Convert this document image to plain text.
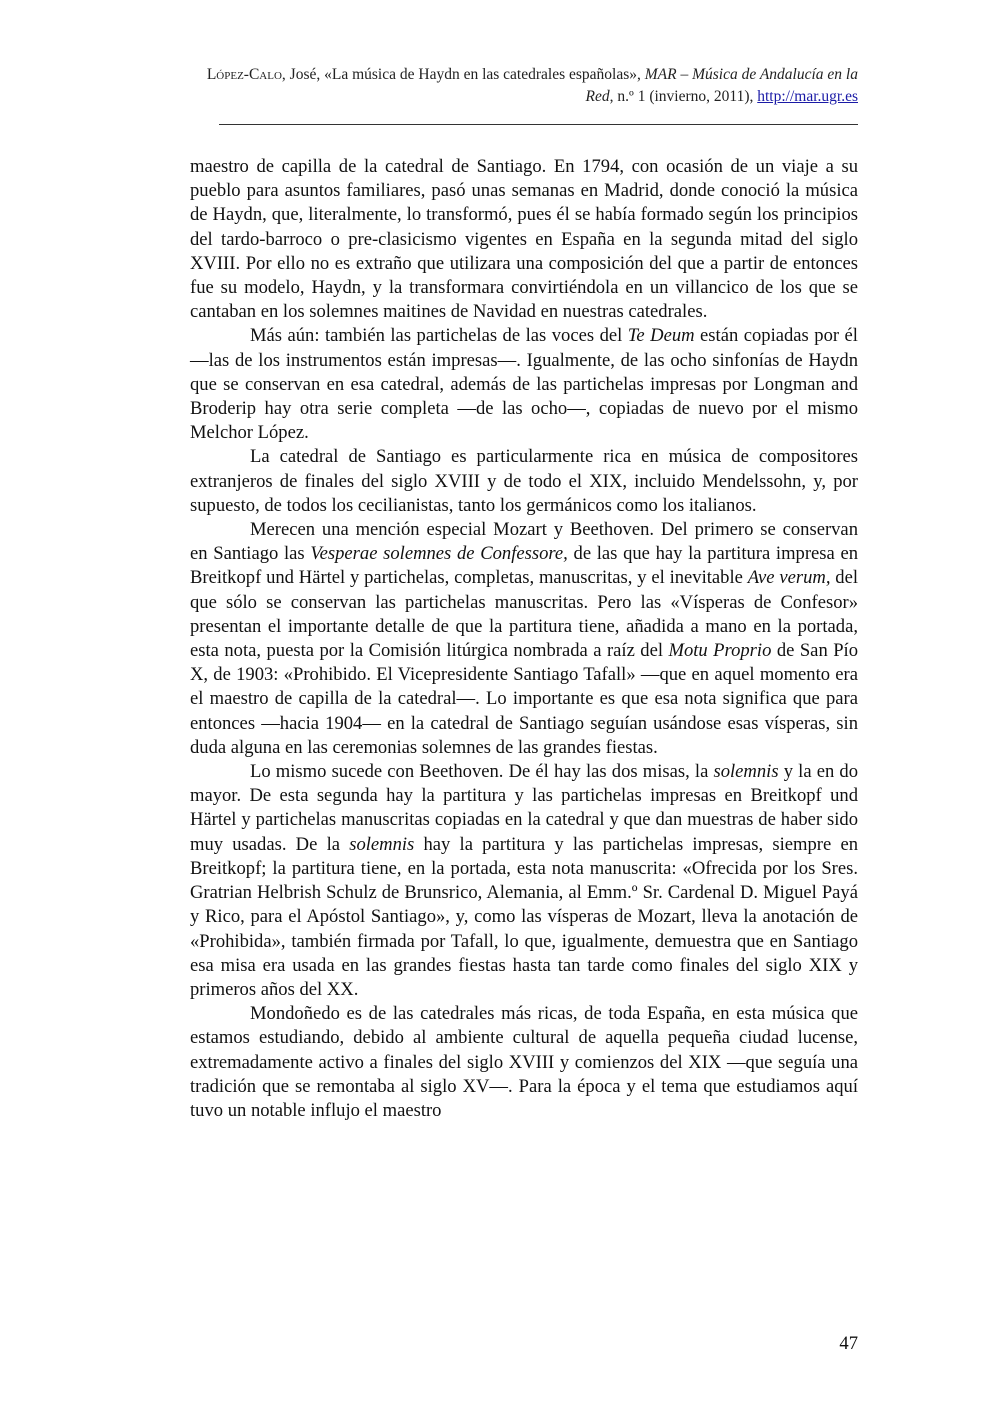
López-Calo, José, «La música de Haydn en las catedrales españolas», MAR – Música de Andalucía en la Red, n.º 1 (invierno, 2011), http://mar.ugr.es

maestro de capilla de la catedral de Santiago. En 1794, con ocasión de un viaje a su pueblo para asuntos familiares, pasó unas semanas en Madrid, donde conoció la música de Haydn, que, literalmente, lo transformó, pues él se había formado según los principios del tardo-barroco o pre-clasicismo vigentes en España en la segunda mitad del siglo XVIII. Por ello no es extraño que utilizara una composición del que a partir de entonces fue su modelo, Haydn, y la transformara convirtiéndola en un villancico de los que se cantaban en los solemnes maitines de Navidad en nuestras catedrales.

Más aún: también las partichelas de las voces del Te Deum están copiadas por él —las de los instrumentos están impresas—. Igualmente, de las ocho sinfonías de Haydn que se conservan en esa catedral, además de las partichelas impresas por Longman and Broderip hay otra serie completa —de las ocho—, copiadas de nuevo por el mismo Melchor López.

La catedral de Santiago es particularmente rica en música de compositores extranjeros de finales del siglo XVIII y de todo el XIX, incluido Mendelssohn, y, por supuesto, de todos los cecilianistas, tanto los germánicos como los italianos.

Merecen una mención especial Mozart y Beethoven. Del primero se conservan en Santiago las Vesperae solemnes de Confessore, de las que hay la partitura impresa en Breitkopf und Härtel y partichelas, completas, manuscritas, y el inevitable Ave verum, del que sólo se conservan las partichelas manuscritas. Pero las «Vísperas de Confesor» presentan el importante detalle de que la partitura tiene, añadida a mano en la portada, esta nota, puesta por la Comisión litúrgica nombrada a raíz del Motu Proprio de San Pío X, de 1903: «Prohibido. El Vicepresidente Santiago Tafall» —que en aquel momento era el maestro de capilla de la catedral—. Lo importante es que esa nota significa que para entonces —hacia 1904— en la catedral de Santiago seguían usándose esas vísperas, sin duda alguna en las ceremonias solemnes de las grandes fiestas.

Lo mismo sucede con Beethoven. De él hay las dos misas, la solemnis y la en do mayor. De esta segunda hay la partitura y las partichelas impresas en Breitkopf und Härtel y partichelas manuscritas copiadas en la catedral y que dan muestras de haber sido muy usadas. De la solemnis hay la partitura y las partichelas impresas, siempre en Breitkopf; la partitura tiene, en la portada, esta nota manuscrita: «Ofrecida por los Sres. Gratrian Helbrish Schulz de Brunsrico, Alemania, al Emm.º Sr. Cardenal D. Miguel Payá y Rico, para el Apóstol Santiago», y, como las vísperas de Mozart, lleva la anotación de «Prohibida», también firmada por Tafall, lo que, igualmente, demuestra que en Santiago esa misa era usada en las grandes fiestas hasta tan tarde como finales del siglo XIX y primeros años del XX.

Mondoñedo es de las catedrales más ricas, de toda España, en esta música que estamos estudiando, debido al ambiente cultural de aquella pequeña ciudad lucense, extremadamente activo a finales del siglo XVIII y comienzos del XIX —que seguía una tradición que se remontaba al siglo XV—. Para la época y el tema que estudiamos aquí tuvo un notable influjo el maestro

47
